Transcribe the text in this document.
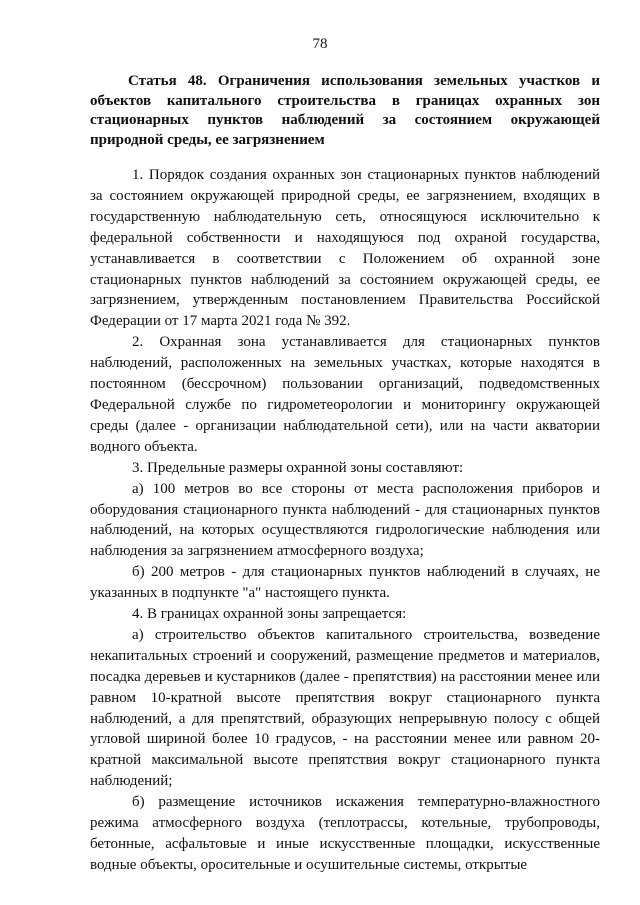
78
Статья 48. Ограничения использования земельных участков и объектов капитального строительства в границах охранных зон стационарных пунктов наблюдений за состоянием окружающей природной среды, ее загрязнением

1. Порядок создания охранных зон стационарных пунктов наблюдений за состоянием окружающей природной среды, ее загрязнением, входящих в государственную наблюдательную сеть, относящуюся исключительно к федеральной собственности и находящуюся под охраной государства, устанавливается в соответствии с Положением об охранной зоне стационарных пунктов наблюдений за состоянием окружающей среды, ее загрязнением, утвержденным постановлением Правительства Российской Федерации от 17 марта 2021 года № 392.

2. Охранная зона устанавливается для стационарных пунктов наблюдений, расположенных на земельных участках, которые находятся в постоянном (бессрочном) пользовании организаций, подведомственных Федеральной службе по гидрометеорологии и мониторингу окружающей среды (далее - организации наблюдательной сети), или на части акватории водного объекта.

3. Предельные размеры охранной зоны составляют:

а) 100 метров во все стороны от места расположения приборов и оборудования стационарного пункта наблюдений - для стационарных пунктов наблюдений, на которых осуществляются гидрологические наблюдения или наблюдения за загрязнением атмосферного воздуха;

б) 200 метров - для стационарных пунктов наблюдений в случаях, не указанных в подпункте "а" настоящего пункта.

4. В границах охранной зоны запрещается:

а) строительство объектов капитального строительства, возведение некапитальных строений и сооружений, размещение предметов и материалов, посадка деревьев и кустарников (далее - препятствия) на расстоянии менее или равном 10-кратной высоте препятствия вокруг стационарного пункта наблюдений, а для препятствий, образующих непрерывную полосу с общей угловой шириной более 10 градусов, - на расстоянии менее или равном 20-кратной максимальной высоте препятствия вокруг стационарного пункта наблюдений;

б) размещение источников искажения температурно-влажностного режима атмосферного воздуха (теплотрассы, котельные, трубопроводы, бетонные, асфальтовые и иные искусственные площадки, искусственные водные объекты, оросительные и осушительные системы, открытые
